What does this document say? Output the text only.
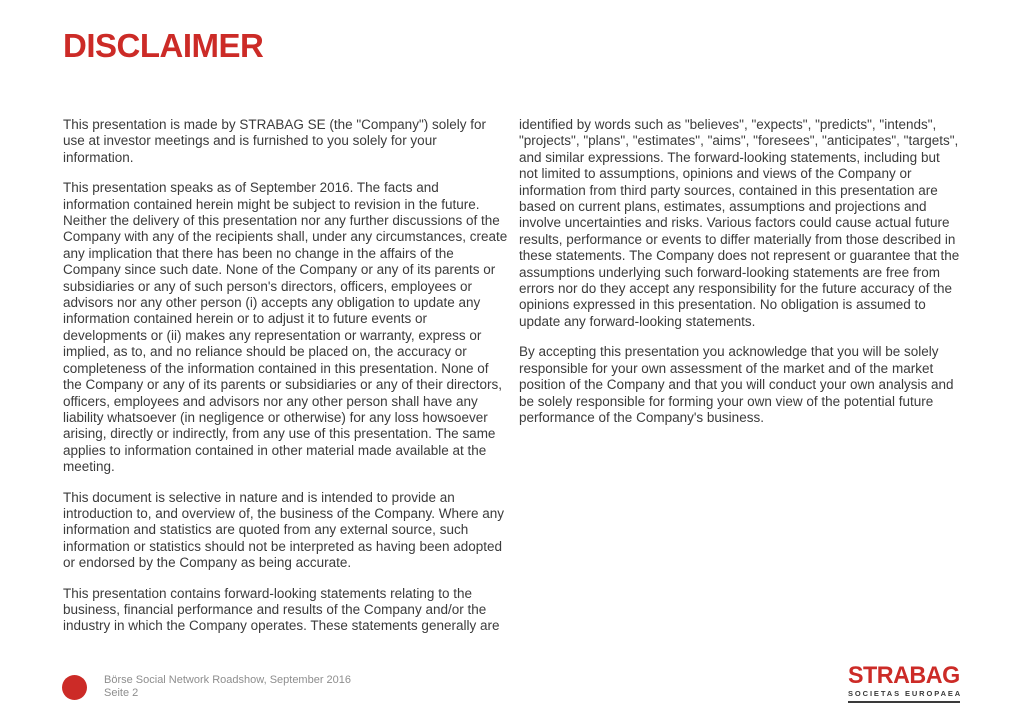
DISCLAIMER

This presentation is made by STRABAG SE (the "Company") solely for use at investor meetings and is furnished to you solely for your information.

This presentation speaks as of September 2016. The facts and information contained herein might be subject to revision in the future. Neither the delivery of this presentation nor any further discussions of the Company with any of the recipients shall, under any circumstances, create any implication that there has been no change in the affairs of the Company since such date. None of the Company or any of its parents or subsidiaries or any of such person's directors, officers, employees or advisors nor any other person (i) accepts any obligation to update any information contained herein or to adjust it to future events or developments or (ii) makes any representation or warranty, express or implied, as to, and no reliance should be placed on, the accuracy or completeness of the information contained in this presentation. None of the Company or any of its parents or subsidiaries or any of their directors, officers, employees and advisors nor any other person shall have any liability whatsoever (in negligence or otherwise) for any loss howsoever arising, directly or indirectly, from any use of this presentation. The same applies to information contained in other material made available at the meeting.

This document is selective in nature and is intended to provide an introduction to, and overview of, the business of the Company. Where any information and statistics are quoted from any external source, such information or statistics should not be interpreted as having been adopted or endorsed by the Company as being accurate.

This presentation contains forward-looking statements relating to the business, financial performance and results of the Company and/or the industry in which the Company operates. These statements generally are

identified by words such as "believes", "expects", "predicts", "intends", "projects", "plans", "estimates", "aims", "foresees", "anticipates", "targets", and similar expressions. The forward-looking statements, including but not limited to assumptions, opinions and views of the Company or information from third party sources, contained in this presentation are based on current plans, estimates, assumptions and projections and involve uncertainties and risks. Various factors could cause actual future results, performance or events to differ materially from those described in these statements. The Company does not represent or guarantee that the assumptions underlying such forward-looking statements are free from errors nor do they accept any responsibility for the future accuracy of the opinions expressed in this presentation. No obligation is assumed to update any forward-looking statements.

By accepting this presentation you acknowledge that you will be solely responsible for your own assessment of the market and of the market position of the Company and that you will conduct your own analysis and be solely responsible for forming your own view of the potential future performance of the Company's business.

Börse Social Network Roadshow, September 2016
Seite 2
STRABAG
SOCIETAS EUROPAEA
